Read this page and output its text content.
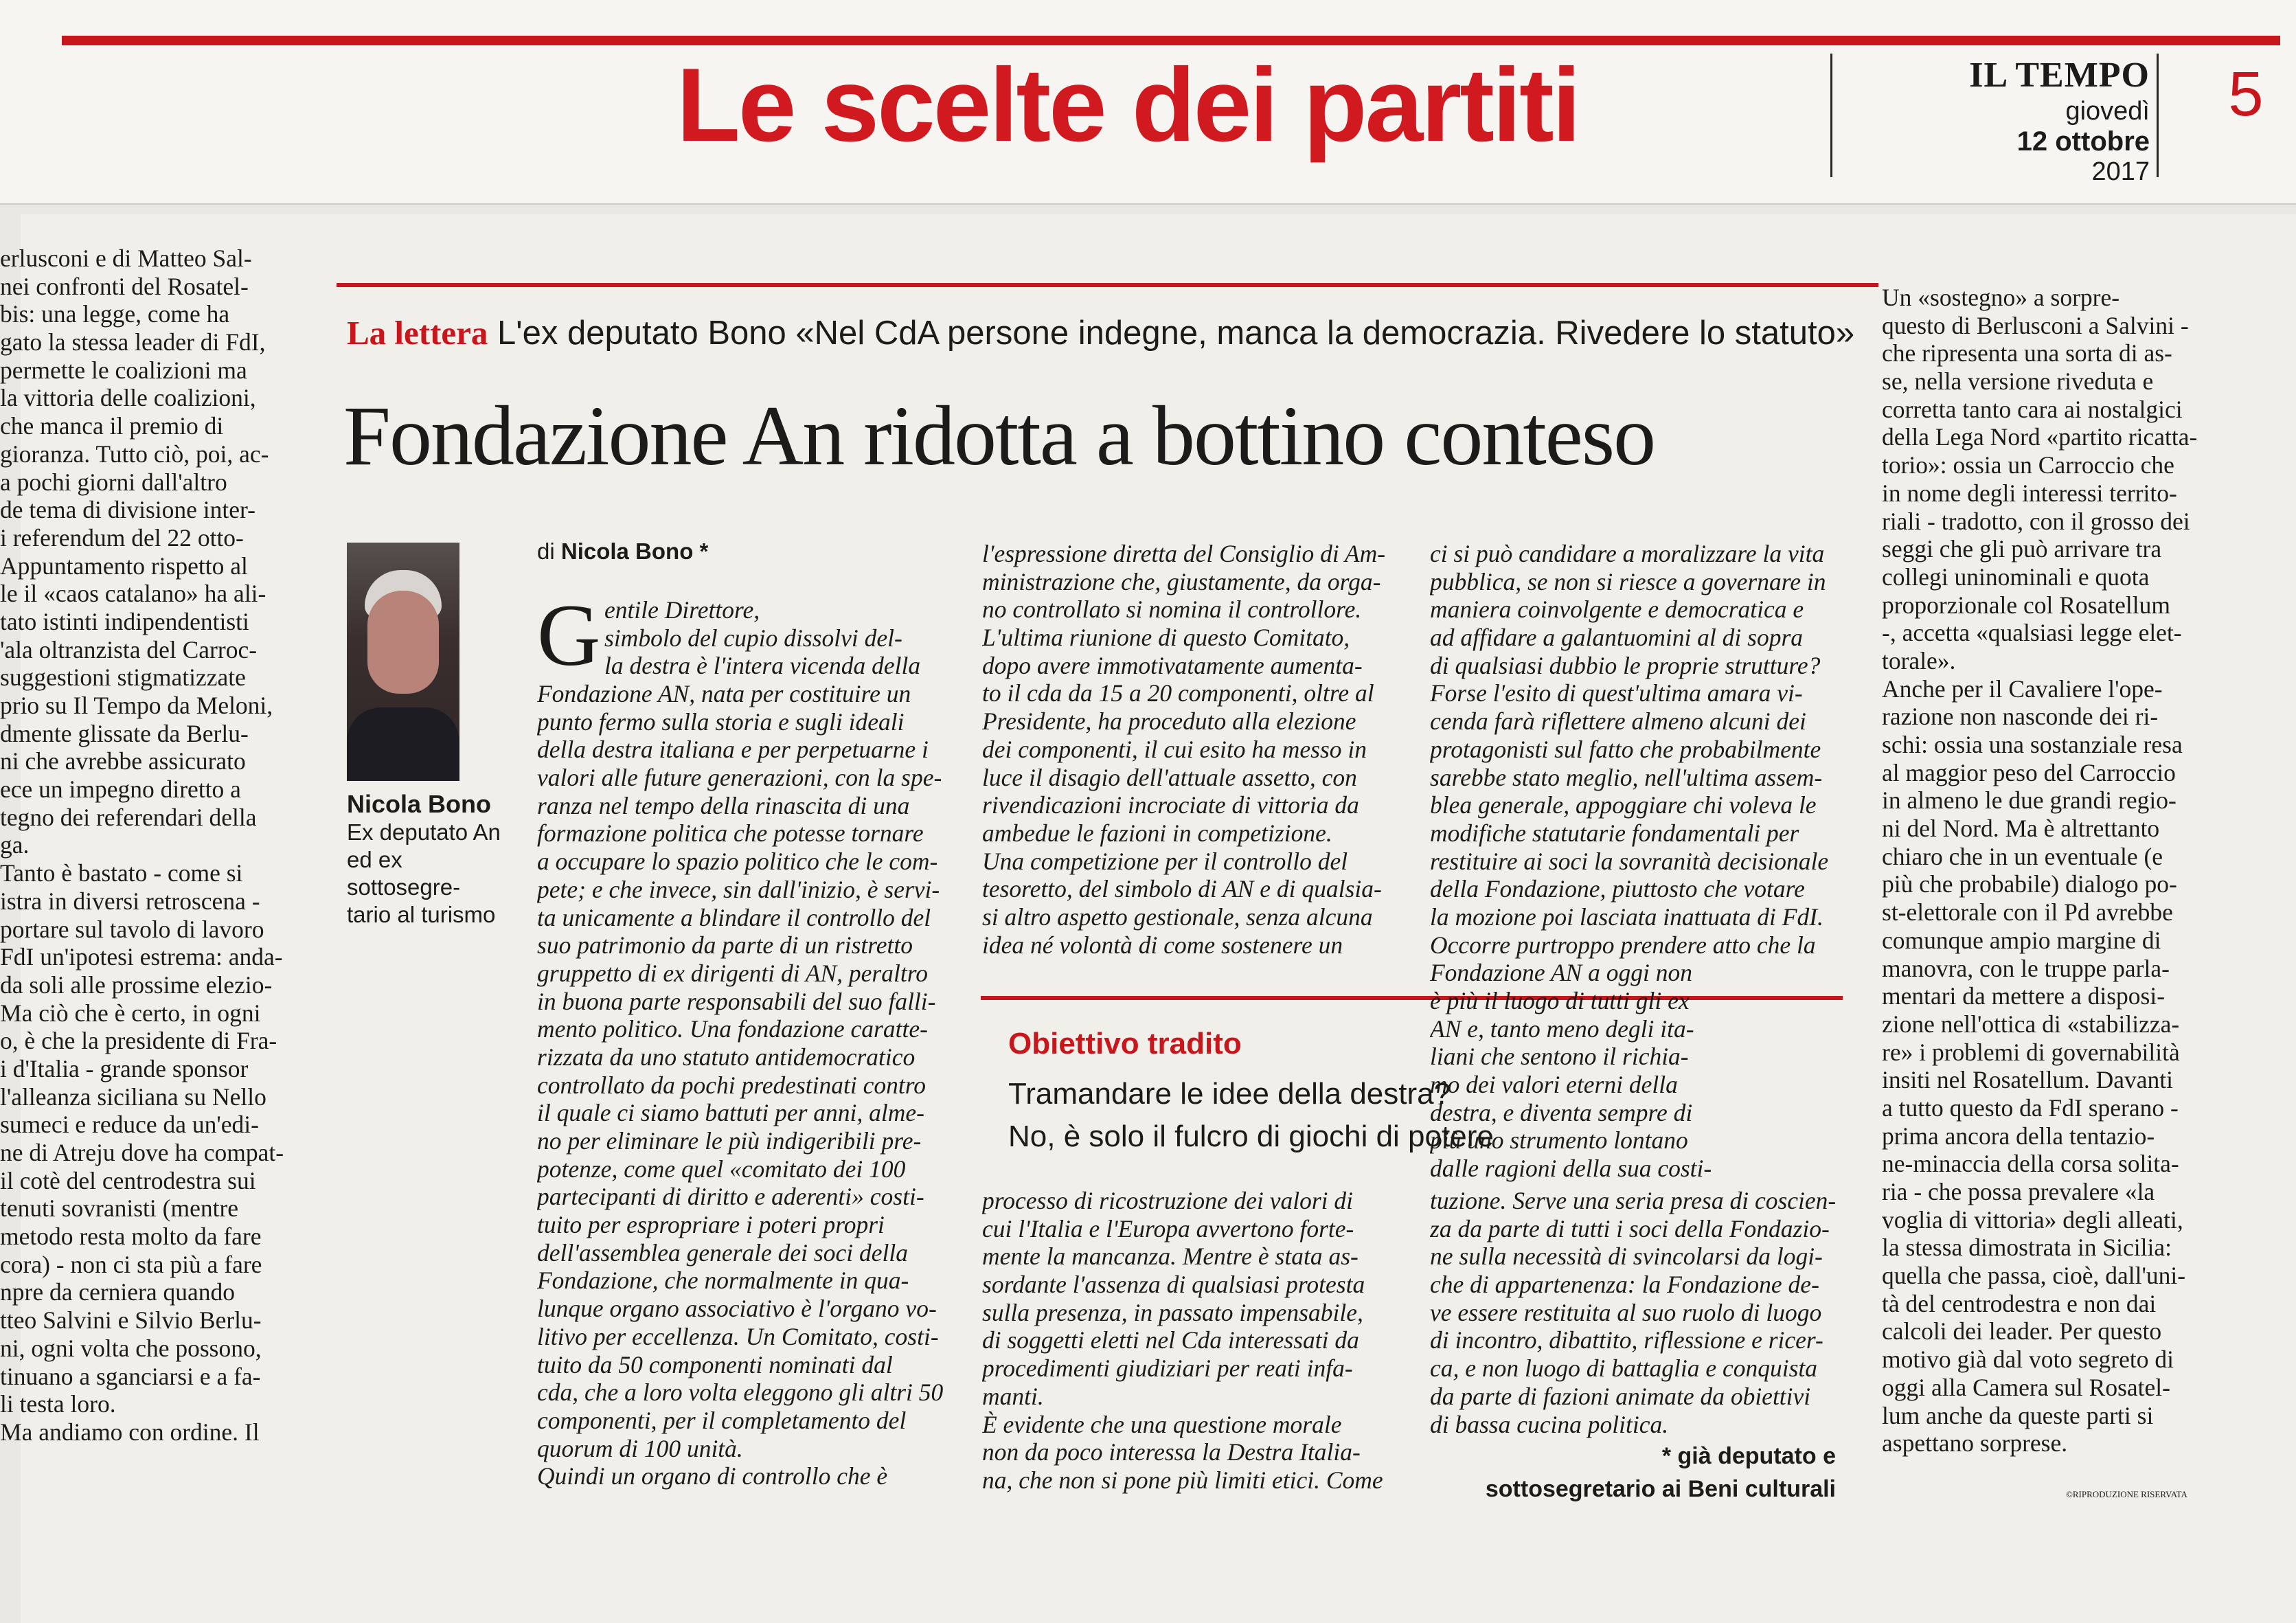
Le scelte dei partiti	IL TEMPO
giovedì
12 ottobre
2017
5
erlusconi e di Matteo Sal-
nei confronti del Rosatel-
bis: una legge, come ha
gato la stessa leader di FdI,
permette le coalizioni ma
la vittoria delle coalizioni,
che manca il premio di
gioranza. Tutto ciò, poi, ac-
a pochi giorni dall'altro
de tema di divisione inter-
i referendum del 22 otto-
Appuntamento rispetto al
le il «caos catalano» ha ali-
tato istinti indipendentisti
'ala oltranzista del Carroc-
suggestioni stigmatizzate
prio su Il Tempo da Meloni,
dmente glissate da Berlu-
ni che avrebbe assicurato
ece un impegno diretto a
tegno dei referendari della
ga.
Tanto è bastato - come si
istra in diversi retroscena -
portare sul tavolo di lavoro
FdI un'ipotesi estrema: anda-
da soli alle prossime elezio-
Ma ciò che è certo, in ogni
o, è che la presidente di Fra-
i d'Italia - grande sponsor
l'alleanza siciliana su Nello
sumeci e reduce da un'edi-
ne di Atreju dove ha compat-
il cotè del centrodestra sui
tenuti sovranisti (mentre
metodo resta molto da fare
cora) - non ci sta più a fare
npre da cerniera quando
tteo Salvini e Silvio Berlu-
ni, ogni volta che possono,
tinuano a sganciarsi e a fa-
li testa loro.
Ma andiamo con ordine. Il
La lettera L'ex deputato Bono «Nel CdA persone indegne, manca la democrazia. Rivedere lo statuto»
Fondazione An ridotta a bottino conteso
Nicola Bono
Ex deputato An
ed ex
sottosegre-
tario al turismo
di Nicola Bono *
G entile Direttore,
simbolo del cupio dissolvi del-
la destra è l'intera vicenda della
Fondazione AN, nata per costituire un
punto fermo sulla storia e sugli ideali
della destra italiana e per perpetuarne i
valori alle future generazioni, con la spe-
ranza nel tempo della rinascita di una
formazione politica che potesse tornare
a occupare lo spazio politico che le com-
pete; e che invece, sin dall'inizio, è servi-
ta unicamente a blindare il controllo del
suo patrimonio da parte di un ristretto
gruppetto di ex dirigenti di AN, peraltro
in buona parte responsabili del suo falli-
mento politico. Una fondazione caratte-
rizzata da uno statuto antidemocratico
controllato da pochi predestinati contro
il quale ci siamo battuti per anni, alme-
no per eliminare le più indigeribili pre-
potenze, come quel «comitato dei 100
partecipanti di diritto e aderenti» costi-
tuito per espropriare i poteri propri
dell'assemblea generale dei soci della
Fondazione, che normalmente in qua-
lunque organo associativo è l'organo vo-
litivo per eccellenza. Un Comitato, costi-
tuito da 50 componenti nominati dal
cda, che a loro volta eleggono gli altri 50
componenti, per il completamento del
quorum di 100 unità.
Quindi un organo di controllo che è
l'espressione diretta del Consiglio di Am-
ministrazione che, giustamente, da orga-
no controllato si nomina il controllore.
L'ultima riunione di questo Comitato,
dopo avere immotivatamente aumenta-
to il cda da 15 a 20 componenti, oltre al
Presidente, ha proceduto alla elezione
dei componenti, il cui esito ha messo in
luce il disagio dell'attuale assetto, con
rivendicazioni incrociate di vittoria da
ambedue le fazioni in competizione.
Una competizione per il controllo del
tesoretto, del simbolo di AN e di qualsia-
si altro aspetto gestionale, senza alcuna
idea né volontà di come sostenere un
ci si può candidare a moralizzare la vita
pubblica, se non si riesce a governare in
maniera coinvolgente e democratica e
ad affidare a galantuomini al di sopra
di qualsiasi dubbio le proprie strutture?
Forse l'esito di quest'ultima amara vi-
cenda farà riflettere almeno alcuni dei
protagonisti sul fatto che probabilmente
sarebbe stato meglio, nell'ultima assem-
blea generale, appoggiare chi voleva le
modifiche statutarie fondamentali per
restituire ai soci la sovranità decisionale
della Fondazione, piuttosto che votare
la mozione poi lasciata inattuata di FdI.
Occorre purtroppo prendere atto che la
Fondazione AN a oggi non
è più il luogo di tutti gli ex
AN e, tanto meno degli ita-
liani che sentono il richia-
mo dei valori eterni della
destra, e diventa sempre di
più uno strumento lontano
dalle ragioni della sua costi-
Obiettivo tradito
Tramandare le idee della destra?
No, è solo il fulcro di giochi di potere
processo di ricostruzione dei valori di
cui l'Italia e l'Europa avvertono forte-
mente la mancanza. Mentre è stata as-
sordante l'assenza di qualsiasi protesta
sulla presenza, in passato impensabile,
di soggetti eletti nel Cda interessati da
procedimenti giudiziari per reati infa-
manti.
È evidente che una questione morale
non da poco interessa la Destra Italia-
na, che non si pone più limiti etici. Come
tuzione. Serve una seria presa di coscien-
za da parte di tutti i soci della Fondazio-
ne sulla necessità di svincolarsi da logi-
che di appartenenza: la Fondazione de-
ve essere restituita al suo ruolo di luogo
di incontro, dibattito, riflessione e ricer-
ca, e non luogo di battaglia e conquista
da parte di fazioni animate da obiettivi
di bassa cucina politica.
* già deputato e
sottosegretario ai Beni culturali
Un «sostegno» a sorpre-
questo di Berlusconi a Salvini -
che ripresenta una sorta di as-
se, nella versione riveduta e
corretta tanto cara ai nostalgici
della Lega Nord «partito ricatta-
torio»: ossia un Carroccio che
in nome degli interessi territo-
riali - tradotto, con il grosso dei
seggi che gli può arrivare tra
collegi uninominali e quota
proporzionale col Rosatellum
-, accetta «qualsiasi legge elet-
torale».
Anche per il Cavaliere l'ope-
razione non nasconde dei ri-
schi: ossia una sostanziale resa
al maggior peso del Carroccio
in almeno le due grandi regio-
ni del Nord. Ma è altrettanto
chiaro che in un eventuale (e
più che probabile) dialogo po-
st-elettorale con il Pd avrebbe
comunque ampio margine di
manovra, con le truppe parla-
mentari da mettere a disposi-
zione nell'ottica di «stabilizza-
re» i problemi di governabilità
insiti nel Rosatellum. Davanti
a tutto questo da FdI sperano -
prima ancora della tentazio-
ne-minaccia della corsa solita-
ria - che possa prevalere «la
voglia di vittoria» degli alleati,
la stessa dimostrata in Sicilia:
quella che passa, cioè, dall'uni-
tà del centrodestra e non dai
calcoli dei leader. Per questo
motivo già dal voto segreto di
oggi alla Camera sul Rosatel-
lum anche da queste parti si
aspettano sorprese.
©RIPRODUZIONE RISERVATA
